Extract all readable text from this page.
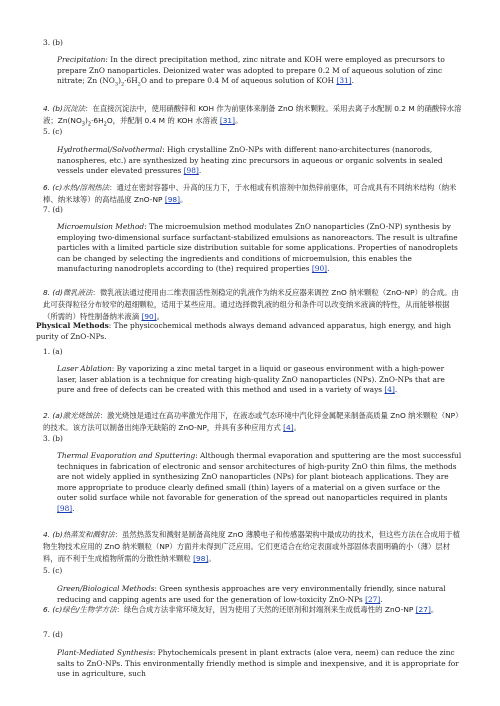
3. (b)
Precipitation: In the direct precipitation method, zinc nitrate and KOH were employed as precursors to prepare ZnO nanoparticles. Deionized water was adopted to prepare 0.2 M of aqueous solution of zinc nitrate; Zn $(NO_3)_2\cdot 6H_2O$ and to prepare 0.4 M of aqueous solution of KOH [31].
4. (b)沉淀法：在直接沉淀法中，使用硝酸锌和 KOH 作为前驱体来制备 ZnO 纳米颗粒。采用去离子水配制 0.2 M 的硝酸锌水溶液；$Zn(NO_3)_2\cdot 6H_2O$，并配制 0.4 M 的 KOH 水溶液 [31]。
5. (c)
Hydrothermal/Solvothermal: High crystalline ZnO-NPs with different nano-architectures (nanorods, nanospheres, etc.) are synthesized by heating zinc precursors in aqueous or organic solvents in sealed vessels under elevated pressures [98].
6. (c)水热/溶剂热法：通过在密封容器中、升高的压力下，于水相或有机溶剂中加热锌前驱体，可合成具有不同纳米结构（纳米棒、纳米球等）的高结晶度 ZnO-NP [98]。
7. (d)
Microemulsion Method: The microemulsion method modulates ZnO nanoparticles (ZnO-NP) synthesis by employing two-dimensional surface surfactant-stabilized emulsions as nanoreactors. The result is ultrafine particles with a limited particle size distribution suitable for some applications. Properties of nanodroplets can be changed by selecting the ingredients and conditions of microemulsion, this enables the manufacturing nanodroplets according to (the) required properties [90].
8. (d)微乳液法：微乳液法通过使用由二维表面活性剂稳定的乳液作为纳米反应器来调控 ZnO 纳米颗粒（ZnO-NP）的合成。由此可获得粒径分布较窄的超细颗粒，适用于某些应用。通过选择微乳液的组分和条件可以改变纳米液滴的特性，从而能够根据（所需的）特性制备纳米液滴 [90]。
Physical Methods: The physicochemical methods always demand advanced apparatus, high energy, and high purity of ZnO-NPs.
1. (a)
Laser Ablation: By vaporizing a zinc metal target in a liquid or gaseous environment with a high-power laser, laser ablation is a technique for creating high-quality ZnO nanoparticles (NPs). ZnO-NPs that are pure and free of defects can be created with this method and used in a variety of ways [4].
2. (a)激光烧蚀法：激光烧蚀是通过在高功率激光作用下，在液态或气态环境中汽化锌金属靶来制备高质量 ZnO 纳米颗粒（NP）的技术。该方法可以制备出纯净无缺陷的 ZnO-NP，并具有多种应用方式 [4]。
3. (b)
Thermal Evaporation and Sputtering: Although thermal evaporation and sputtering are the most successful techniques in fabrication of electronic and sensor architectures of high-purity ZnO thin films, the methods are not widely applied in synthesizing ZnO nanoparticles (NPs) for plant bioteach applications. They are more appropriate to produce clearly defined small (thin) layers of a material on a given surface or the outer solid surface while not favorable for generation of the spread out nanoparticles required in plants [98].
4. (b)热蒸发和溅射法：虽然热蒸发和溅射是制备高纯度 ZnO 薄膜电子和传感器架构中最成功的技术，但这些方法在合成用于植物生物技术应用的 ZnO 纳米颗粒（NP）方面并未得到广泛应用。它们更适合在给定表面或外部固体表面明确的小（薄）层材料，而不利于生成植物所需的分散性纳米颗粒 [98]。
5. (c)
Green/Biological Methods: Green synthesis approaches are very environmentally friendly, since natural reducing and capping agents are used for the generation of low-toxicity ZnO-NPs [27].
6. (c)绿色/生物学方法：绿色合成方法非常环境友好，因为使用了天然的还原剂和封端剂来生成低毒性的 ZnO-NP [27]。
7. (d)
Plant-Mediated Synthesis: Phytochemicals present in plant extracts (aloe vera, neem) can reduce the zinc salts to ZnO-NPs. This environmentally friendly method is simple and inexpensive, and it is appropriate for use in agriculture, such
